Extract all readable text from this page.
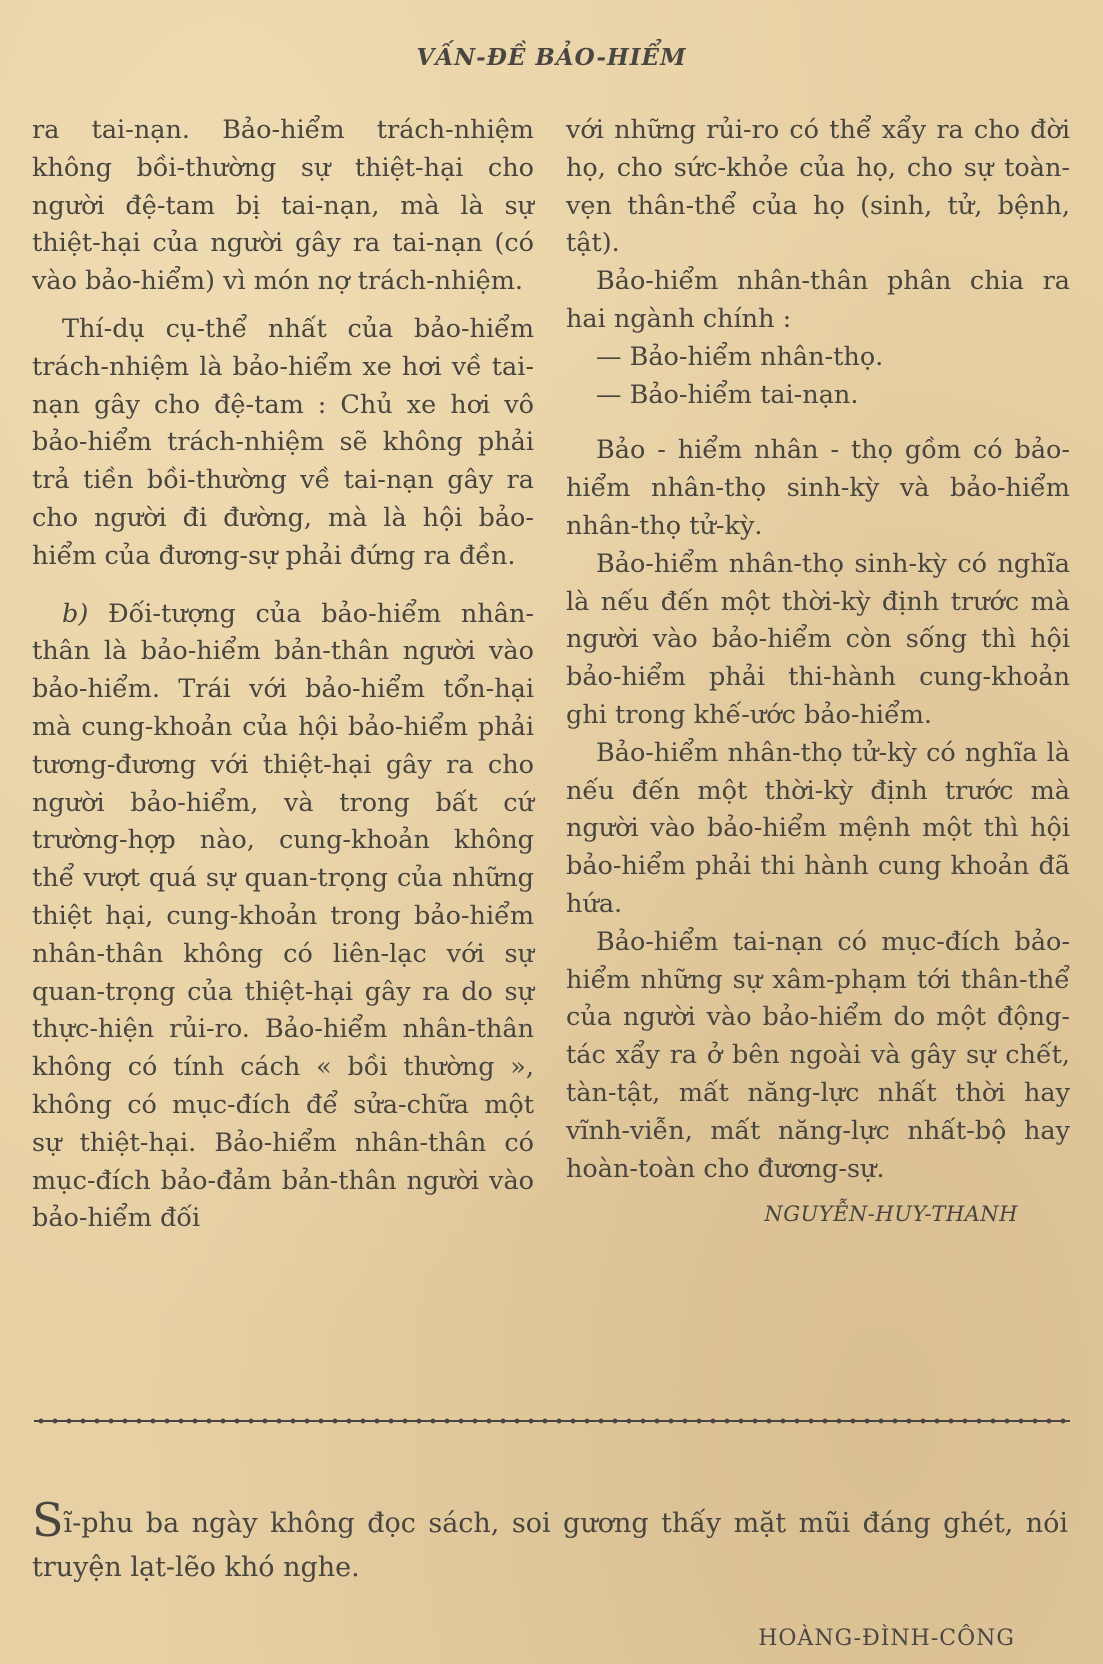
VẤN-ĐỀ BẢO-HIỂM

ra tai-nạn. Bảo-hiểm trách-nhiệm không bồi-thường sự thiệt-hại cho người đệ-tam bị tai-nạn, mà là sự thiệt-hại của người gây ra tai-nạn (có vào bảo-hiểm) vì món nợ trách-nhiệm.

Thí-dụ cụ-thể nhất của bảo-hiểm trách-nhiệm là bảo-hiểm xe hơi về tai-nạn gây cho đệ-tam : Chủ xe hơi vô bảo-hiểm trách-nhiệm sẽ không phải trả tiền bồi-thường về tai-nạn gây ra cho người đi đường, mà là hội bảo-hiểm của đương-sự phải đứng ra đền.

b) Đối-tượng của bảo-hiểm nhân-thân là bảo-hiểm bản-thân người vào bảo-hiểm. Trái với bảo-hiểm tổn-hại mà cung-khoản của hội bảo-hiểm phải tương-đương với thiệt-hại gây ra cho người bảo-hiểm, và trong bất cứ trường-hợp nào, cung-khoản không thể vượt quá sự quan-trọng của những thiệt hại, cung-khoản trong bảo-hiểm nhân-thân không có liên-lạc với sự quan-trọng của thiệt-hại gây ra do sự thực-hiện rủi-ro. Bảo-hiểm nhân-thân không có tính cách « bồi thường », không có mục-đích để sửa-chữa một sự thiệt-hại. Bảo-hiểm nhân-thân có mục-đích bảo-đảm bản-thân người vào bảo-hiểm đối

với những rủi-ro có thể xẩy ra cho đời họ, cho sức-khỏe của họ, cho sự toàn-vẹn thân-thể của họ (sinh, tử, bệnh, tật).

Bảo-hiểm nhân-thân phân chia ra hai ngành chính :

— Bảo-hiểm nhân-thọ.

— Bảo-hiểm tai-nạn.

Bảo - hiểm nhân - thọ gồm có bảo-hiểm nhân-thọ sinh-kỳ và bảo-hiểm nhân-thọ tử-kỳ.

Bảo-hiểm nhân-thọ sinh-kỳ có nghĩa là nếu đến một thời-kỳ định trước mà người vào bảo-hiểm còn sống thì hội bảo-hiểm phải thi-hành cung-khoản ghi trong khế-ước bảo-hiểm.

Bảo-hiểm nhân-thọ tử-kỳ có nghĩa là nếu đến một thời-kỳ định trước mà người vào bảo-hiểm mệnh một thì hội bảo-hiểm phải thi hành cung khoản đã hứa.

Bảo-hiểm tai-nạn có mục-đích bảo-hiểm những sự xâm-phạm tới thân-thể của người vào bảo-hiểm do một động-tác xẩy ra ở bên ngoài và gây sự chết, tàn-tật, mất năng-lực nhất thời hay vĩnh-viễn, mất năng-lực nhất-bộ hay hoàn-toàn cho đương-sự.

NGUYỄN-HUY-THANH

Sĩ-phu ba ngày không đọc sách, soi gương thấy mặt mũi đáng ghét, nói truyện lạt-lẽo khó nghe.
HOÀNG-ĐÌNH-CÔNG
